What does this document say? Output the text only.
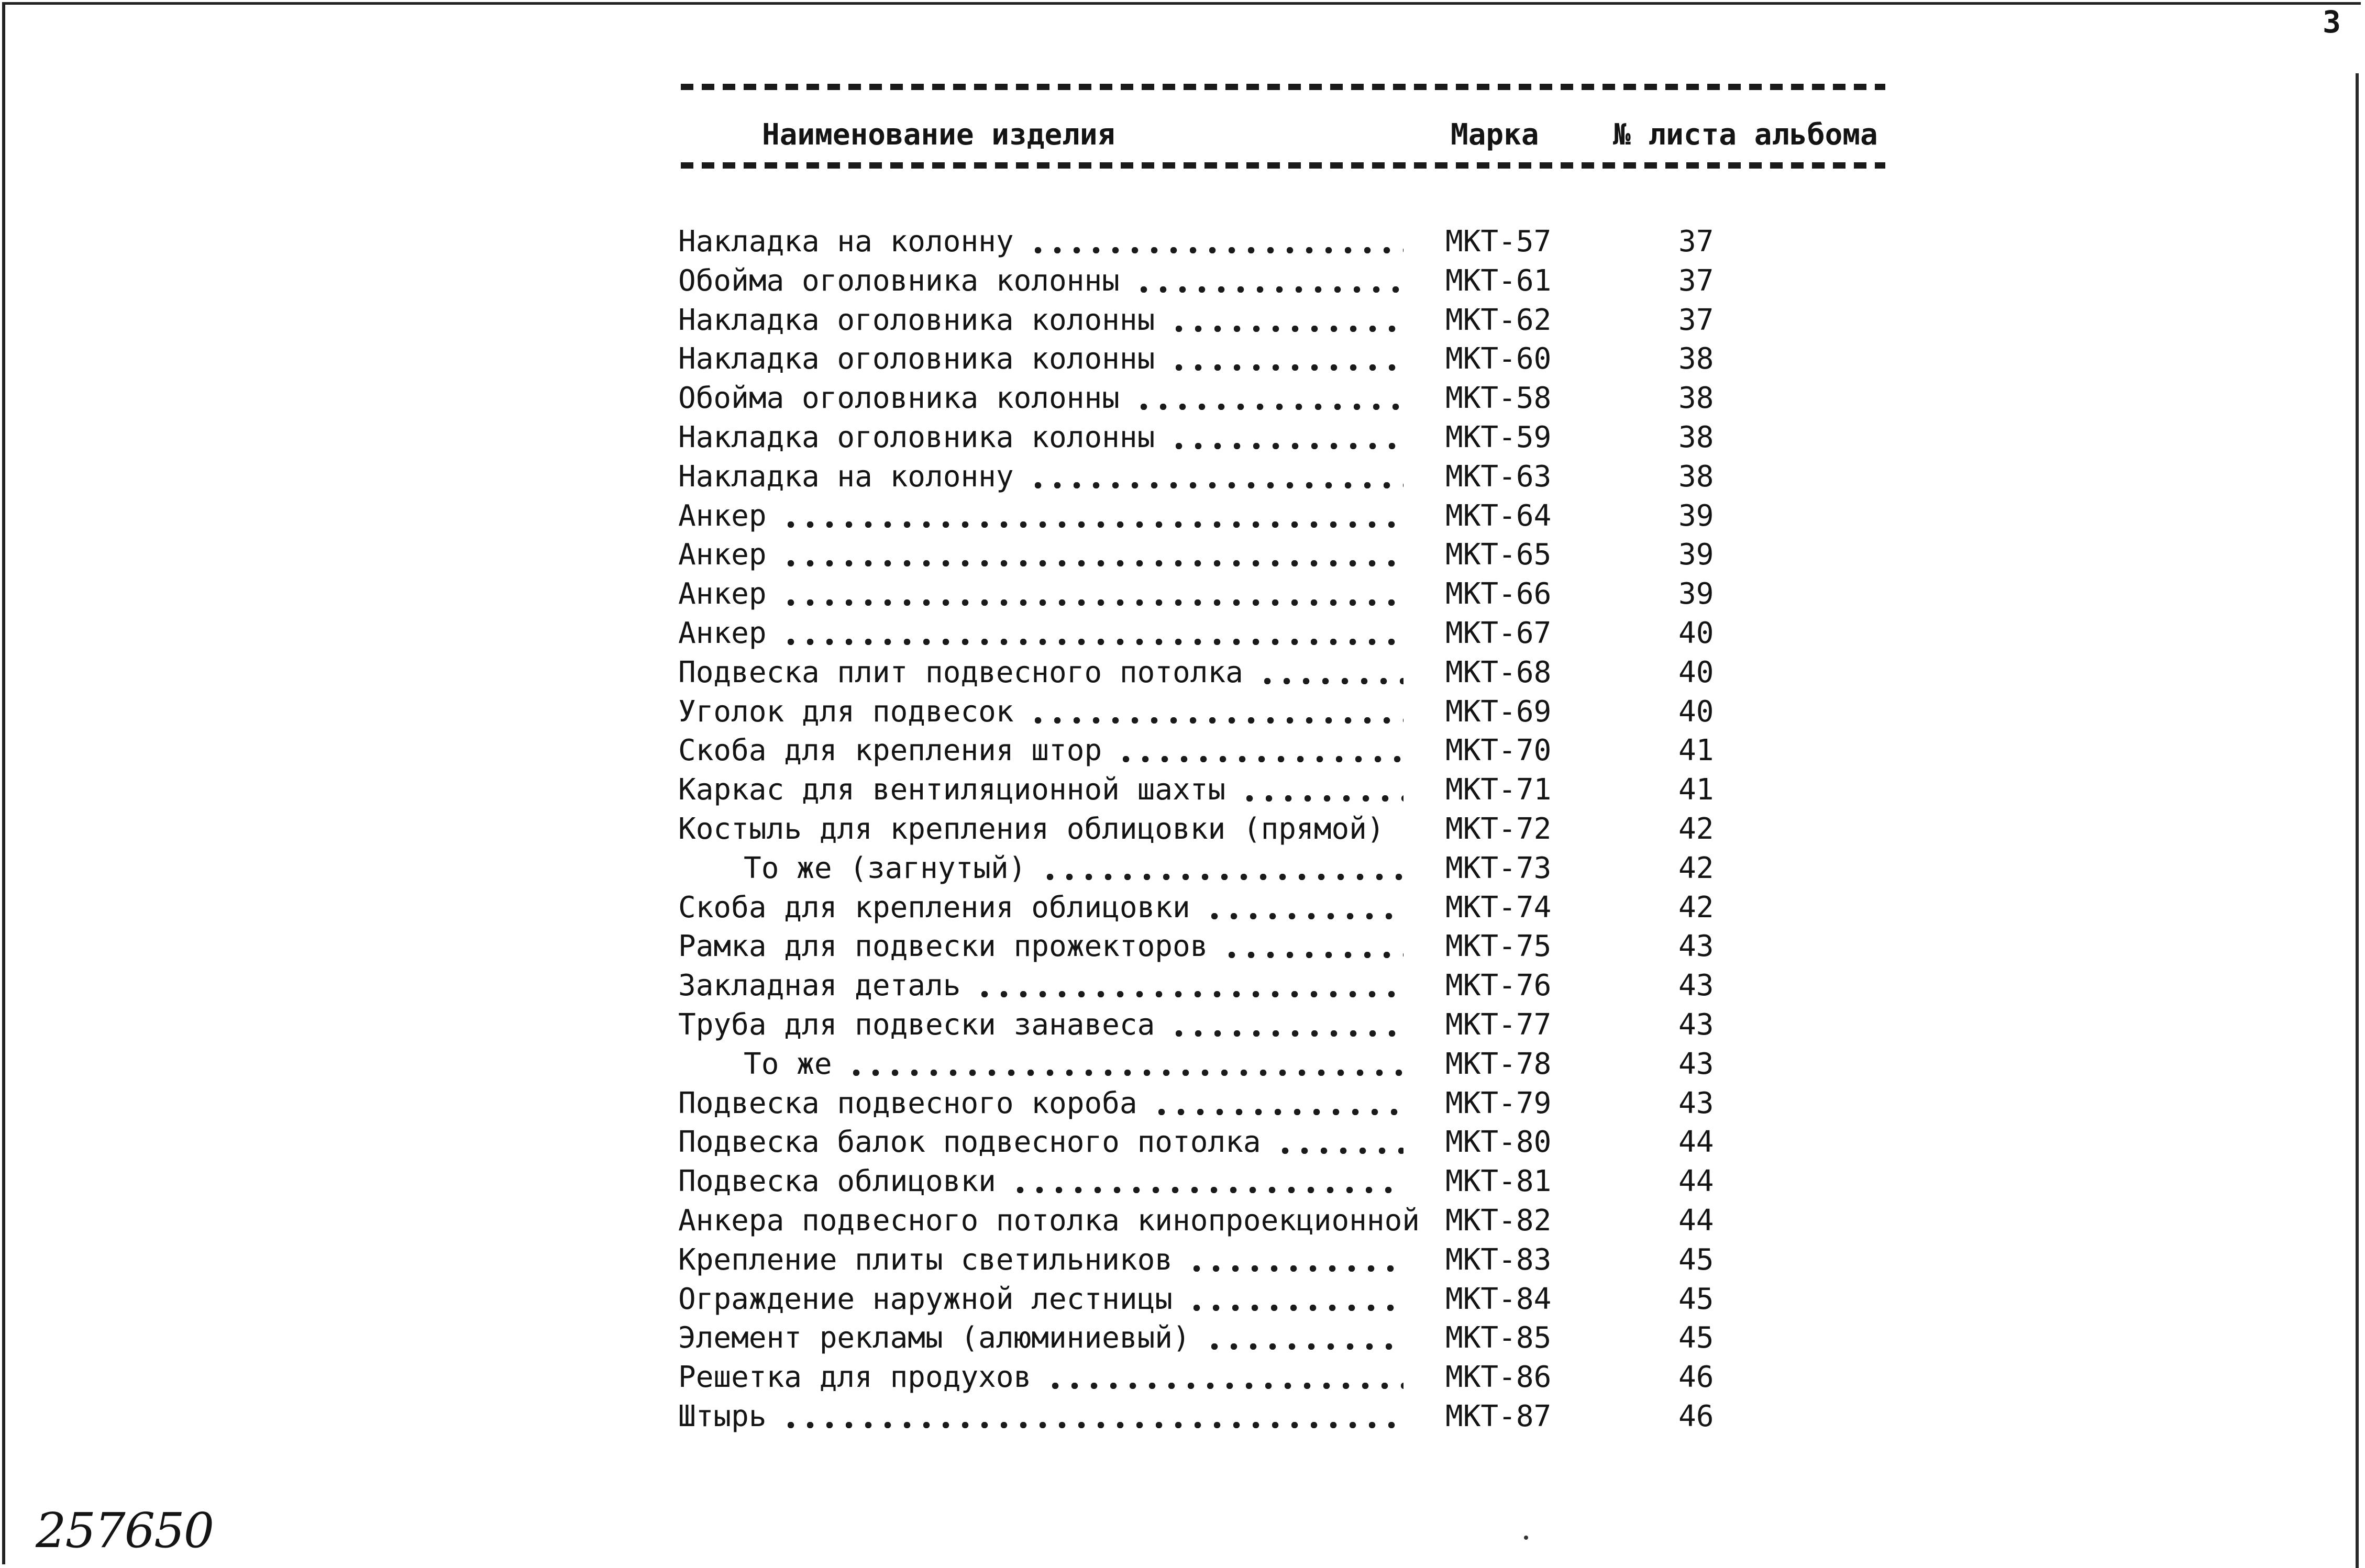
3
Наименование изделия	Марка	№ листа альбома
Накладка на колонну	МКТ-57	37
Обойма оголовника колонны	МКТ-61	37
Накладка оголовника колонны	МКТ-62	37
Накладка оголовника колонны	МКТ-60	38
Обойма оголовника колонны	МКТ-58	38
Накладка оголовника колонны	МКТ-59	38
Накладка на колонну	МКТ-63	38
Анкер	МКТ-64	39
Анкер	МКТ-65	39
Анкер	МКТ-66	39
Анкер	МКТ-67	40
Подвеска плит подвесного потолка	МКТ-68	40
Уголок для подвесок	МКТ-69	40
Скоба для крепления штор	МКТ-70	41
Каркас для вентиляционной шахты	МКТ-71	41
Костыль для крепления облицовки (прямой) МКТ-72	42
То же (загнутый)	МКТ-73	42
Скоба для крепления облицовки	МКТ-74	42
Рамка для подвески прожекторов	МКТ-75	43
Закладная деталь	МКТ-76	43
Труба для подвески занавеса	МКТ-77	43
То же	МКТ-78	43
Подвеска подвесного короба	МКТ-79	43
Подвеска балок подвесного потолка	МКТ-80	44
Подвеска облицовки	МКТ-81	44
Анкера подвесного потолка кинопроекционной МКТ-82	44
Крепление плиты светильников	МКТ-83	45
Ограждение наружной лестницы	МКТ-84	45
Элемент рекламы (алюминиевый)	МКТ-85	45
Решетка для продухов	МКТ-86	46
Штырь	МКТ-87	46
257650
